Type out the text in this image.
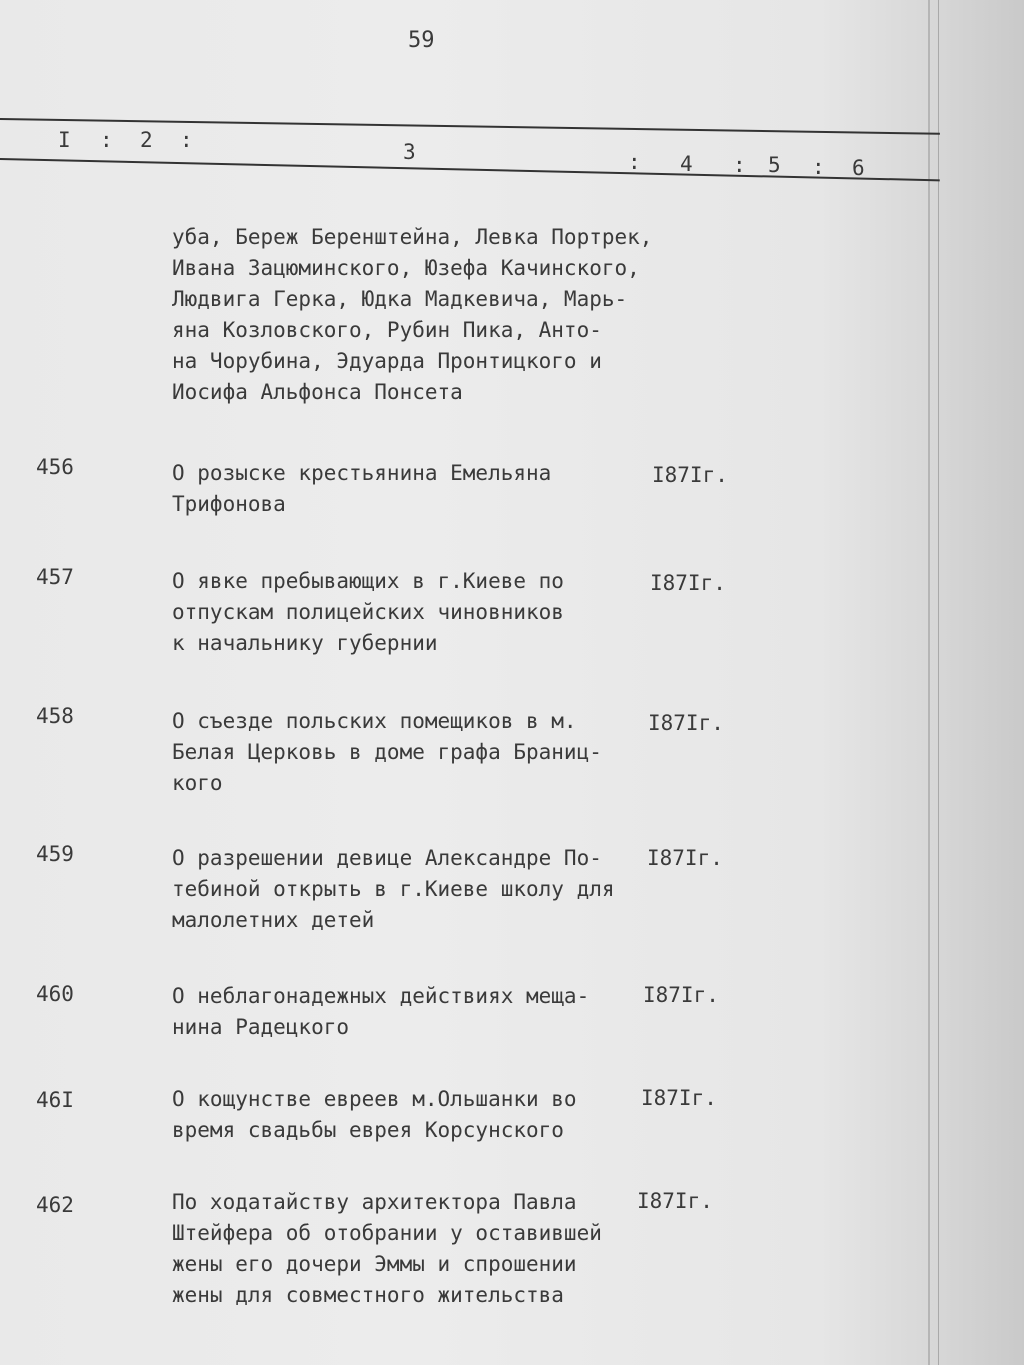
59
I : 2 :	3	: 4 : 5 : 6
уба, Береж Беренштейна, Левка Портрек,
Ивана Зацюминского, Юзефа Качинского,
Людвига Герка, Юдка Мадкевича, Марь-
яна Козловского, Рубин Пика, Анто-
на Чорубина, Эдуарда Пронтицкого и
Иосифа Альфонса Понсета
456	О розыске крестьянина Емельяна
Трифонова
I87Iг.
457	О явке пребывающих в г.Киеве по
отпускам полицейских чиновников
к начальнику губернии
I87Iг.
458	О съезде польских помещиков в м.
Белая Церковь в доме графа Браниц-
кого
I87Iг.
459	О разрешении девице Александре По-
тебиной открыть в г.Киеве школу для
малолетних детей
I87Iг.
460	О неблагонадежных действиях меща-
нина Радецкого
I87Iг.
46I	О кощунстве евреев м.Ольшанки во
время свадьбы еврея Корсунского
I87Iг.
462	По ходатайству архитектора Павла
Штейфера об отобрании у оставившей
жены его дочери Эммы и спрошении
жены для совместного жительства
I87Iг.
